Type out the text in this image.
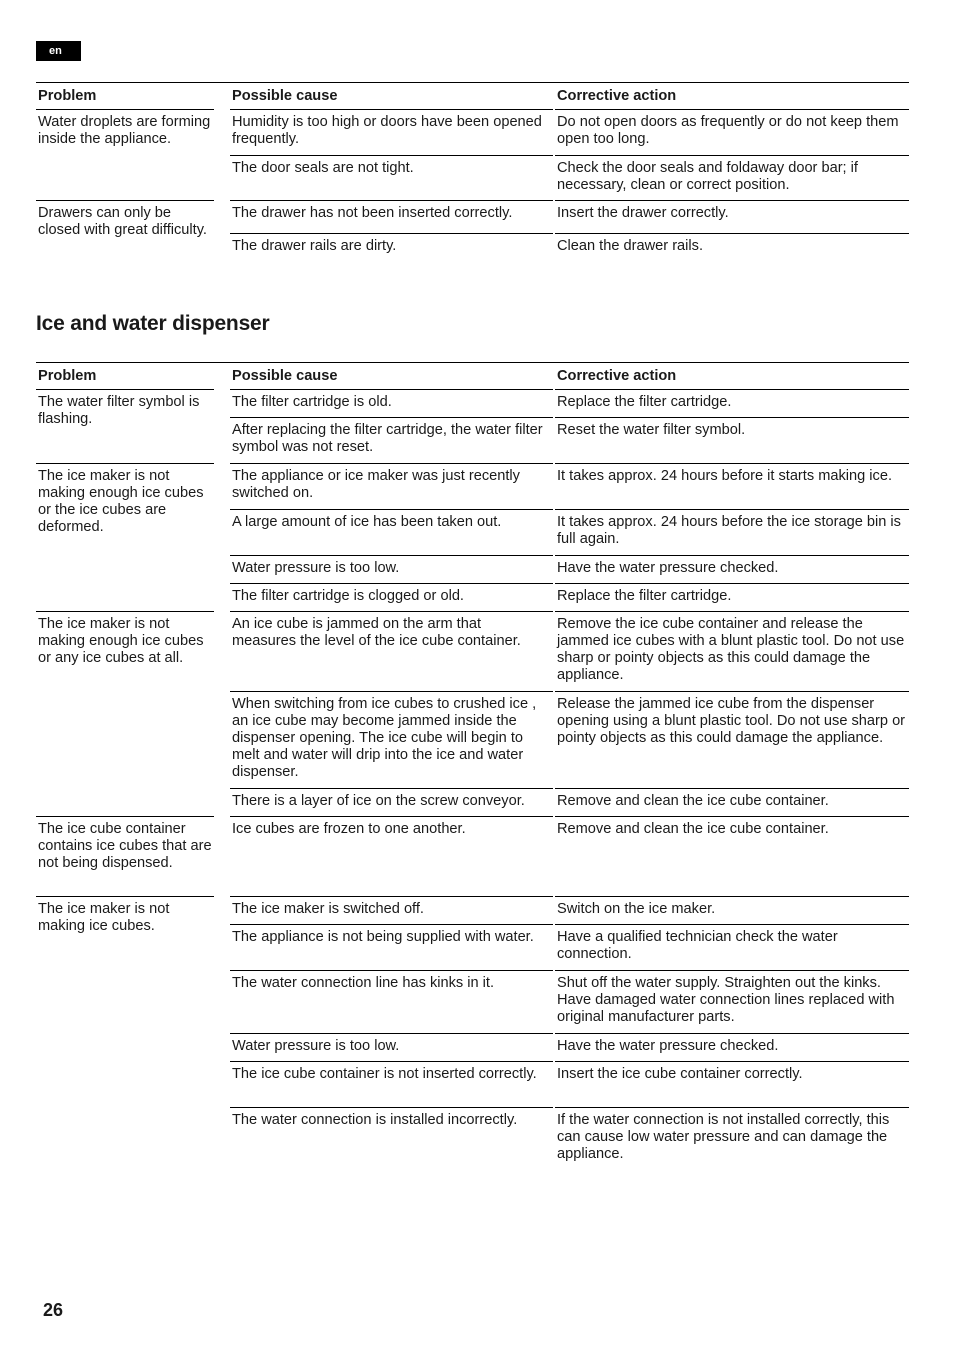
en
Problem	Possible cause	Corrective action
Water droplets are forming inside the appliance.	Humidity is too high or doors have been opened frequently.	Do not open doors as frequently or do not keep them open too long.
	The door seals are not tight.	Check the door seals and foldaway door bar; if necessary, clean or correct position.
Drawers can only be closed with great difficulty.	The drawer has not been inserted correctly.	Insert the drawer correctly.
	The drawer rails are dirty.	Clean the drawer rails.
Ice and water dispenser
Problem	Possible cause	Corrective action
The water filter symbol is flashing.	The filter cartridge is old.	Replace the filter cartridge.
	After replacing the filter cartridge, the water filter symbol was not reset.	Reset the water filter symbol.
The ice maker is not making enough ice cubes or the ice cubes are deformed.	The appliance or ice maker was just recently switched on.	It takes approx. 24 hours before it starts making ice.
	A large amount of ice has been taken out.	It takes approx. 24 hours before the ice storage bin is full again.
	Water pressure is too low.	Have the water pressure checked.
	The filter cartridge is clogged or old.	Replace the filter cartridge.
The ice maker is not making enough ice cubes or any ice cubes at all.	An ice cube is jammed on the arm that measures the level of the ice cube container.	Remove the ice cube container and release the jammed ice cubes with a blunt plastic tool. Do not use sharp or pointy objects as this could damage the appliance.
	When switching from ice cubes to crushed ice , an ice cube may become jammed inside the dispenser opening. The ice cube will begin to melt and water will drip into the ice and water dispenser.	Release the jammed ice cube from the dispenser opening using a blunt plastic tool. Do not use sharp or pointy objects as this could damage the appliance.
	There is a layer of ice on the screw conveyor.	Remove and clean the ice cube container.
The ice cube container contains ice cubes that are not being dispensed.	Ice cubes are frozen to one another.	Remove and clean the ice cube container.
The ice maker is not making ice cubes.	The ice maker is switched off.	Switch on the ice maker.
	The appliance is not being supplied with water.	Have a qualified technician check the water connection.
	The water connection line has kinks in it.	Shut off the water supply. Straighten out the kinks. Have damaged water connection lines replaced with original manufacturer parts.
	Water pressure is too low.	Have the water pressure checked.
	The ice cube container is not inserted correctly.	Insert the ice cube container correctly.
	The water connection is installed incorrectly.	If the water connection is not installed correctly, this can cause low water pressure and can damage the appliance.
26
